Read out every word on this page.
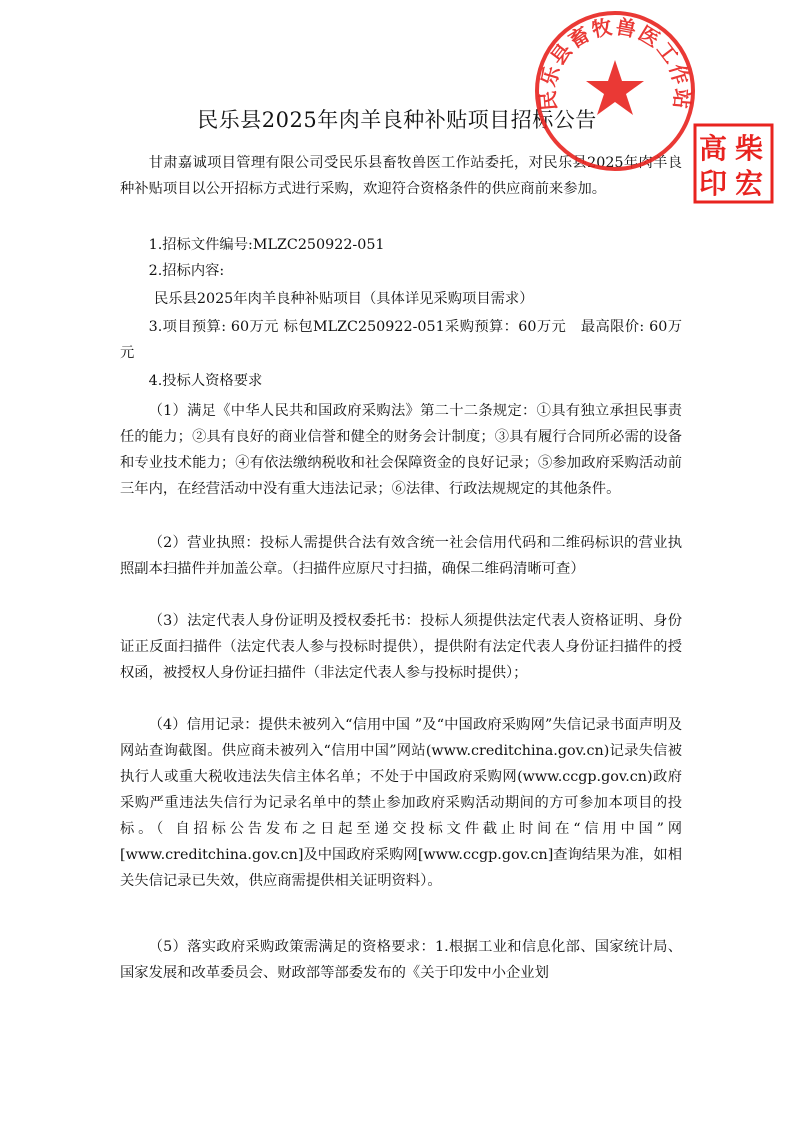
民乐县2025年肉羊良种补贴项目招标公告

甘肃嘉诚项目管理有限公司受民乐县畜牧兽医工作站委托，对民乐县2025年肉羊良种补贴项目以公开招标方式进行采购，欢迎符合资格条件的供应商前来参加。

1.招标文件编号:MLZC250922-051

2.招标内容:

民乐县2025年肉羊良种补贴项目（具体详见采购项目需求）

3.项目预算: 60万元 标包MLZC250922-051采购预算：60万元　最高限价: 60万元

4.投标人资格要求

（1）满足《中华人民共和国政府采购法》第二十二条规定：①具有独立承担民事责任的能力；②具有良好的商业信誉和健全的财务会计制度；③具有履行合同所必需的设备和专业技术能力；④有依法缴纳税收和社会保障资金的良好记录；⑤参加政府采购活动前三年内，在经营活动中没有重大违法记录；⑥法律、行政法规规定的其他条件。

（2）营业执照：投标人需提供合法有效含统一社会信用代码和二维码标识的营业执照副本扫描件并加盖公章。（扫描件应原尺寸扫描，确保二维码清晰可查）

（3）法定代表人身份证明及授权委托书：投标人须提供法定代表人资格证明、身份证正反面扫描件（法定代表人参与投标时提供），提供附有法定代表人身份证扫描件的授权函，被授权人身份证扫描件（非法定代表人参与投标时提供）；

（4）信用记录：提供未被列入“信用中国 ”及“中国政府采购网”失信记录书面声明及网站查询截图。供应商未被列入“信用中国”网站(www.creditchina.gov.cn)记录失信被执行人或重大税收违法失信主体名单；不处于中国政府采购网(www.ccgp.gov.cn)政府采购严重违法失信行为记录名单中的禁止参加政府采购活动期间的方可参加本项目的投标。（ 自招标公告发布之日起至递交投标文件截止时间在“信用中国”网[www.creditchina.gov.cn]及中国政府采购网[www.ccgp.gov.cn]查询结果为准，如相关失信记录已失效，供应商需提供相关证明资料）。

（5）落实政府采购政策需满足的资格要求：1.根据工业和信息化部、国家统计局、国家发展和改革委员会、财政部等部委发布的《关于印发中小企业划

民乐县畜牧兽医工作站
柴 宏 高 印
